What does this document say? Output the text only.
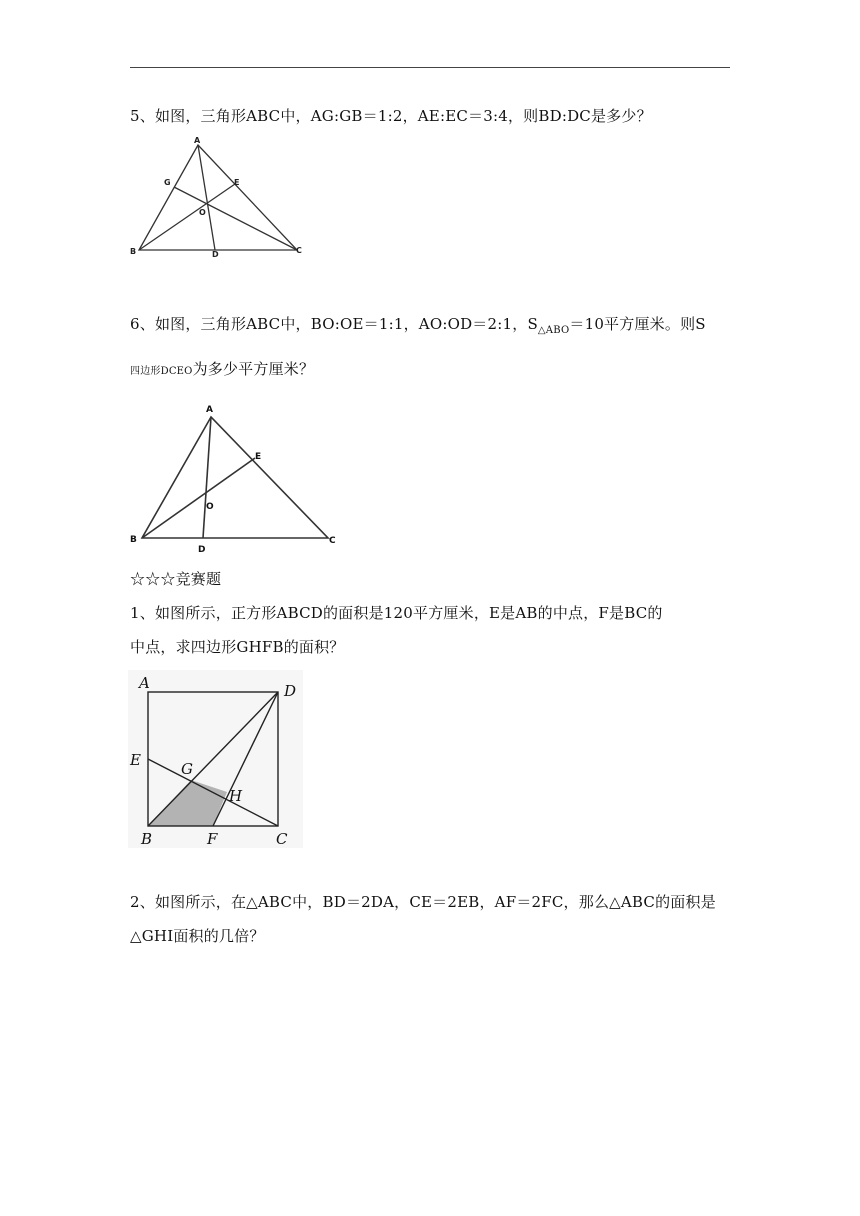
5、如图，三角形ABC中，AG:GB＝1:2，AE:EC＝3:4，则BD:DC是多少？
A
G	E
O
B	D	C
6、如图，三角形ABC中，BO:OE＝1:1，AO:OD＝2:1，$S_{\triangle ABO}=10$平方厘米。则S
四边形DCEO为多少平方厘米？
A
E
O
B
D
C
☆☆☆竞赛题
1、如图所示，正方形ABCD的面积是120平方厘米，E是AB的中点，F是BC的
中点，求四边形GHFB的面积？
A	D
E	G
H
B	F	C
2、如图所示，在△ABC中，BD＝2DA，CE＝2EB，AF＝2FC，那么△ABC的面积是
△GHI面积的几倍？
